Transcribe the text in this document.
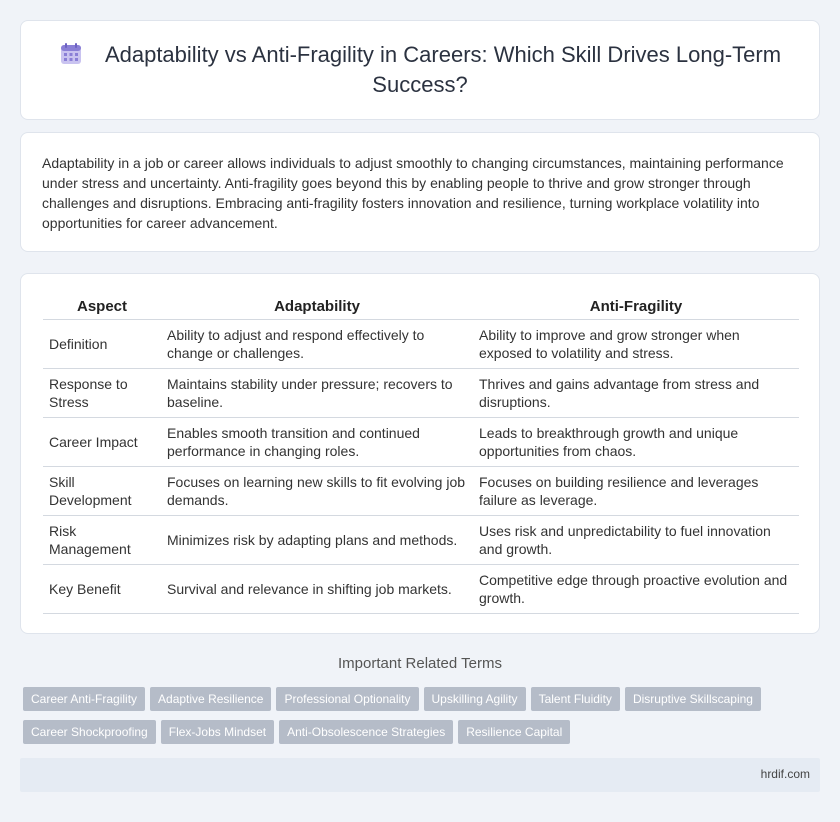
Adaptability vs Anti-Fragility in Careers: Which Skill Drives Long-Term Success?

Adaptability in a job or career allows individuals to adjust smoothly to changing circumstances, maintaining performance under stress and uncertainty. Anti-fragility goes beyond this by enabling people to thrive and grow stronger through challenges and disruptions. Embracing anti-fragility fosters innovation and resilience, turning workplace volatility into opportunities for career advancement.

Aspect	Adaptability	Anti-Fragility
Definition	Ability to adjust and respond effectively to change or challenges.	Ability to improve and grow stronger when exposed to volatility and stress.
Response to Stress	Maintains stability under pressure; recovers to baseline.	Thrives and gains advantage from stress and disruptions.
Career Impact	Enables smooth transition and continued performance in changing roles.	Leads to breakthrough growth and unique opportunities from chaos.
Skill Development	Focuses on learning new skills to fit evolving job demands.	Focuses on building resilience and leverages failure as leverage.
Risk Management	Minimizes risk by adapting plans and methods.	Uses risk and unpredictability to fuel innovation and growth.
Key Benefit	Survival and relevance in shifting job markets.	Competitive edge through proactive evolution and growth.
Important Related Terms
Career Anti-Fragility Adaptive Resilience Professional Optionality Upskilling Agility Talent Fluidity Disruptive Skillscaping
Career Shockproofing Flex-Jobs Mindset Anti-Obsolescence Strategies Resilience Capital
hrdif.com
